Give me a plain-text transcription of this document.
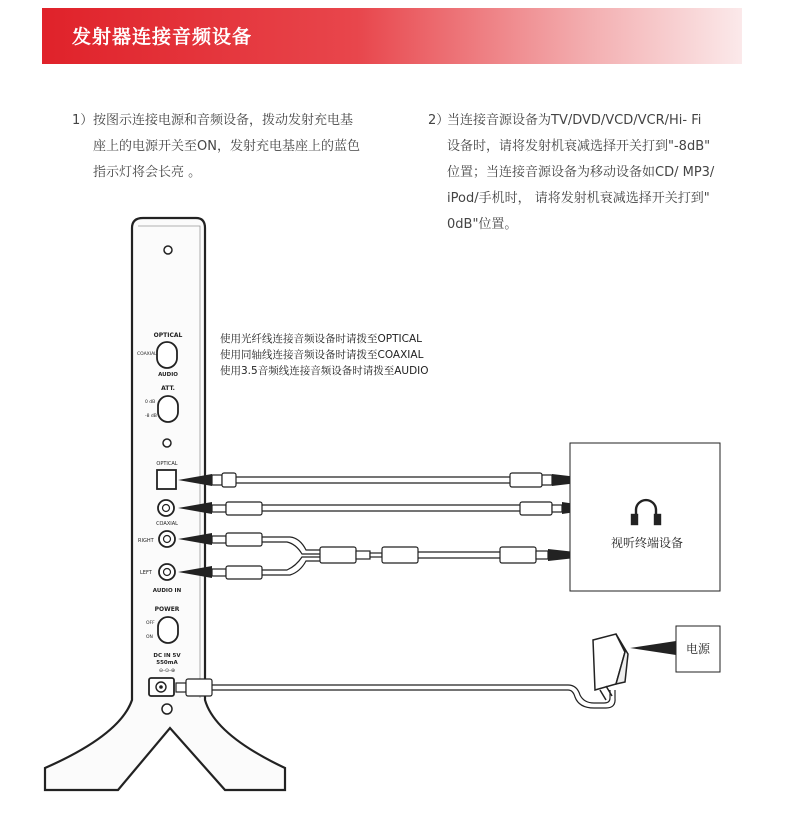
发射器连接音频设备
1） 按图示连接电源和音频设备，拨动发射充电基
座上的电源开关至ON，发射充电基座上的蓝色
指示灯将会长亮 。
2）
当连接音源设备为TV/DVD/VCD/VCR/Hi- Fi
设备时，请将发射机衰减选择开关打到"-8dB"
位置；当连接音源设备为移动设备如CD/ MP3/
iPod/手机时， 请将发射机衰减选择开关打到"
0dB"位置。
OPTICAL
COAXIAL
AUDIO
ATT.
0 dB
-8 dB
OPTICAL
COAXIAL
RIGHT
LEFT
AUDIO IN
POWER
OFF
ON
DC IN 5V
550mA
⊖-⊙-⊕
使用光纤线连接音频设备时请拨至OPTICAL
使用同轴线连接音频设备时请拨至COAXIAL
使用3.5音频线连接音频设备时请拨至AUDIO
视听终端设备
电源
